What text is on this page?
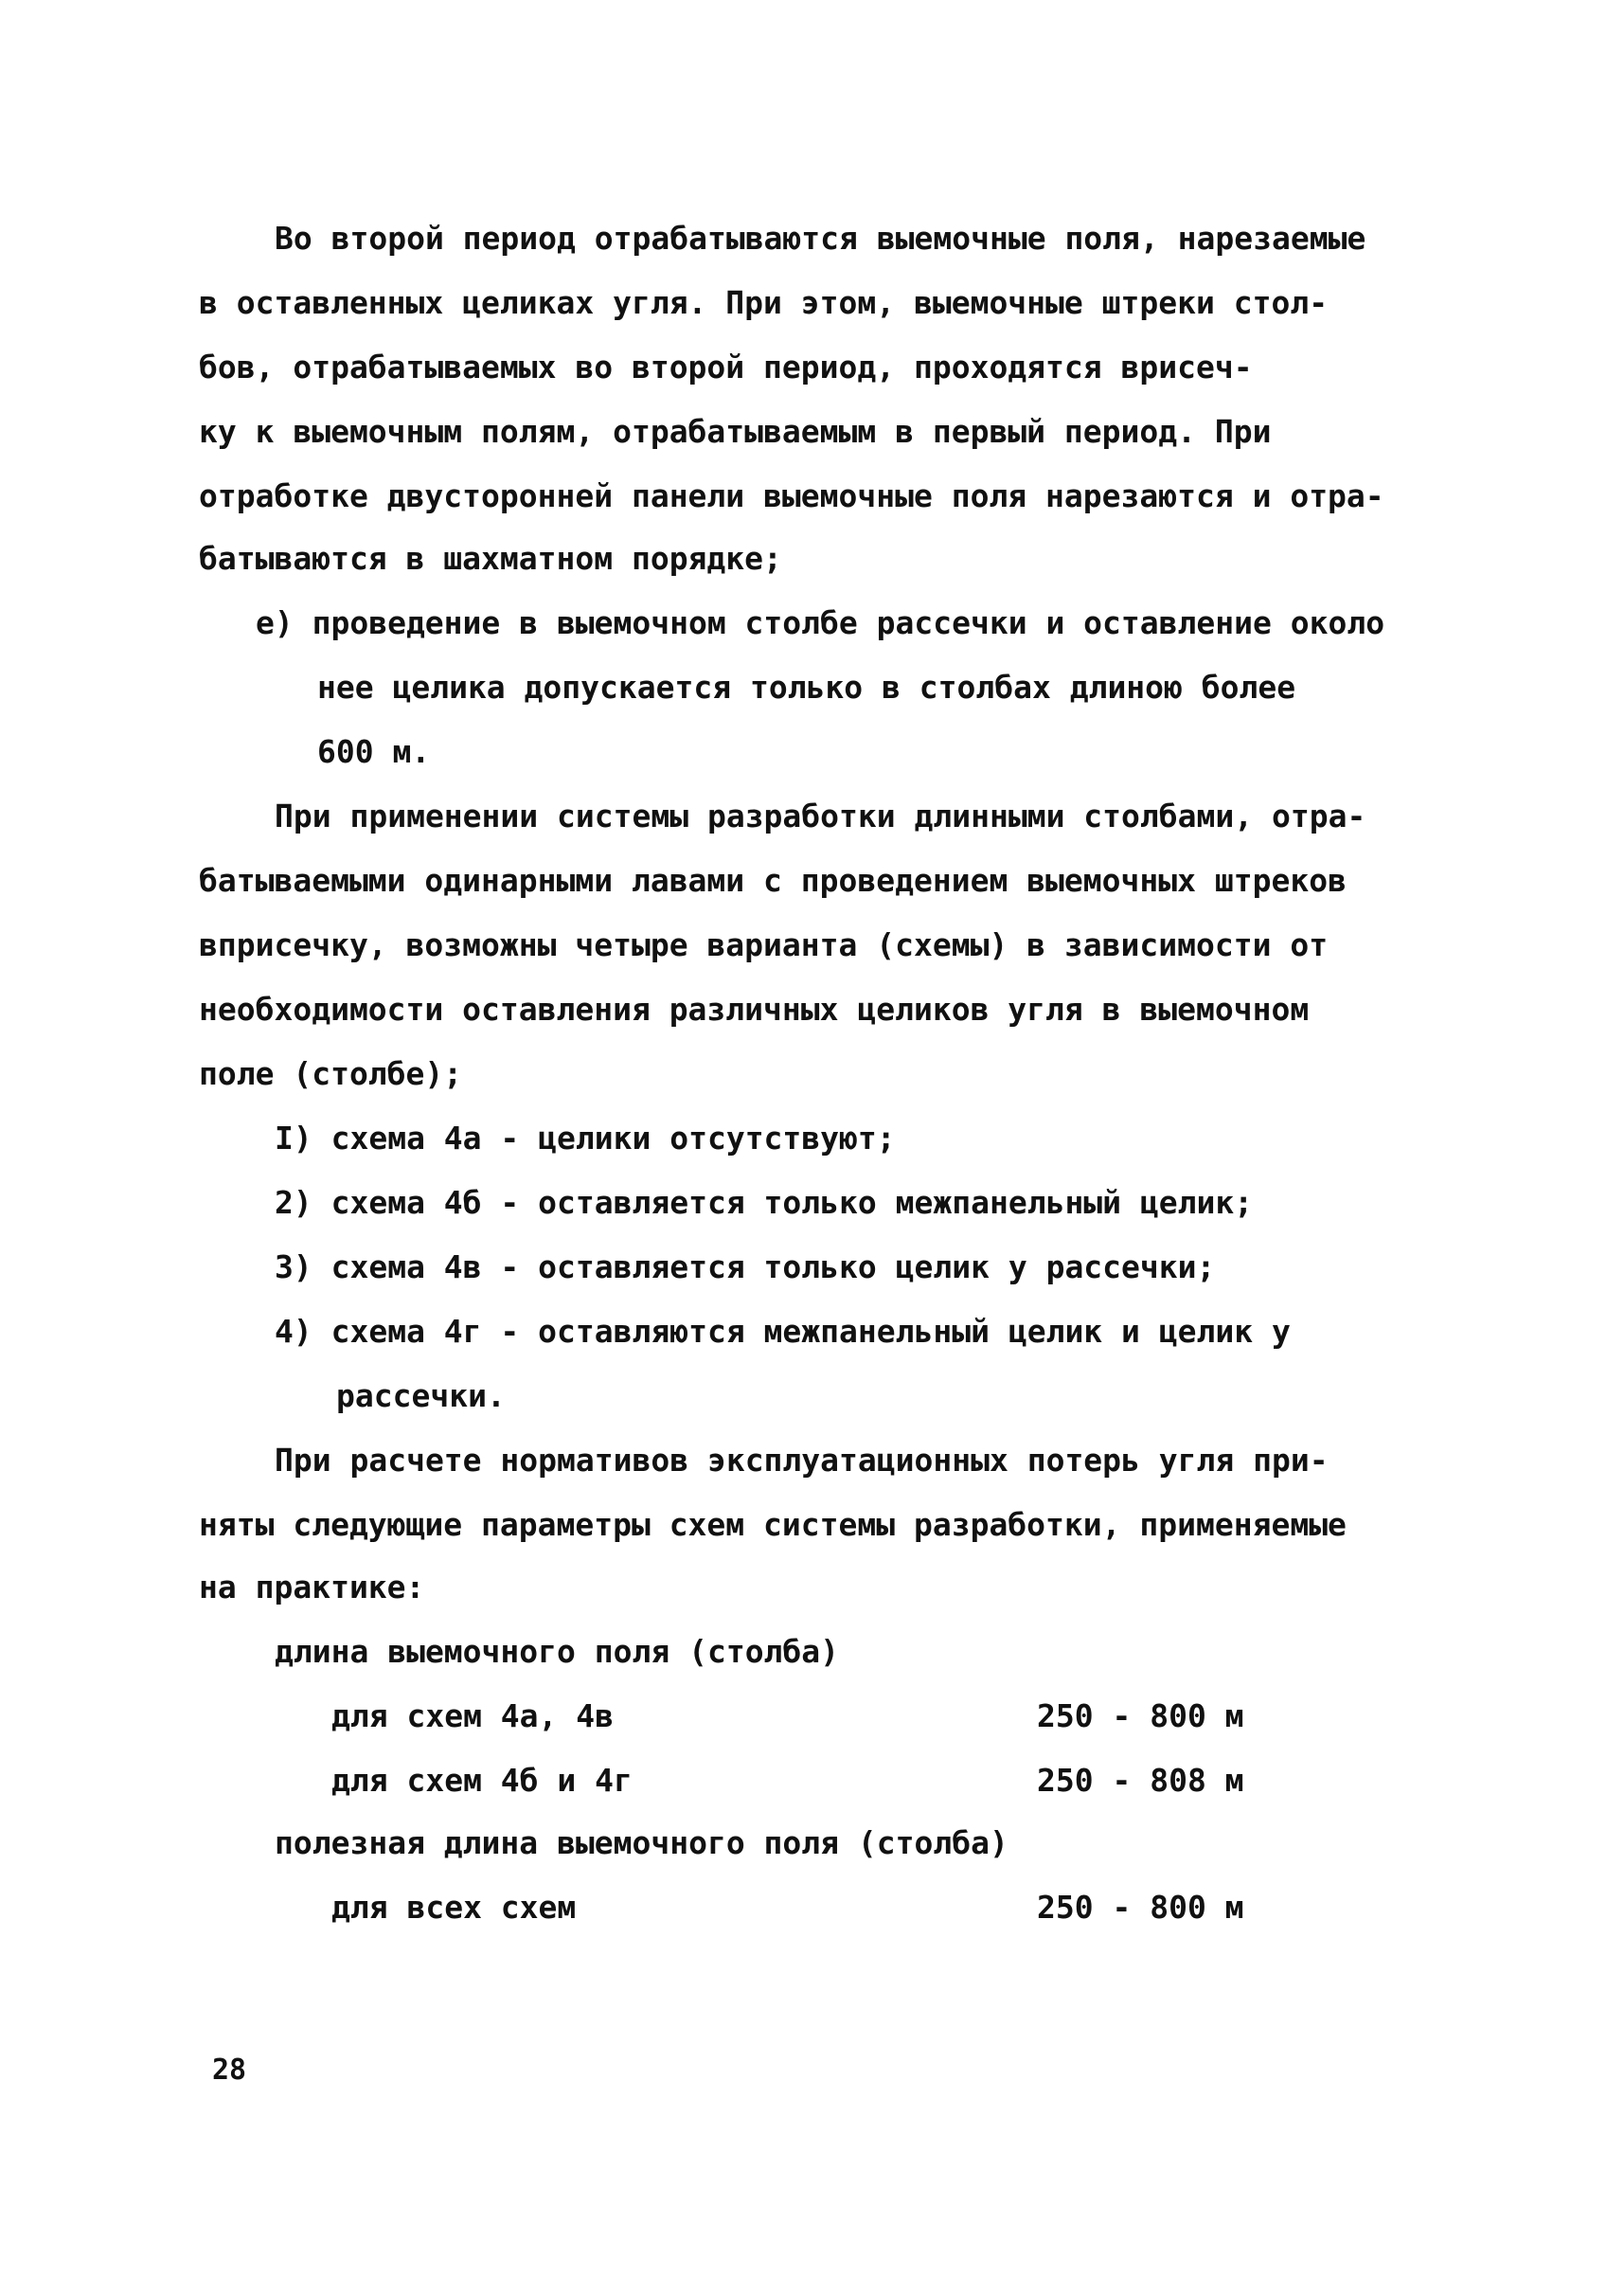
Во второй период отрабатываются выемочные поля, нарезаемые
в оставленных целиках угля. При этом, выемочные штреки стол-
бов, отрабатываемых во второй период, проходятся врисеч-
ку к выемочным полям, отрабатываемым в первый период. При
отработке двусторонней панели выемочные поля нарезаются и отра-
батываются в шахматном порядке;
е) проведение в выемочном столбе рассечки и оставление около
нее целика допускается только в столбах длиною более
600 м.
При применении системы разработки длинными столбами, отра-
батываемыми одинарными лавами с проведением выемочных штреков
вприсечку, возможны четыре варианта (схемы) в зависимости от
необходимости оставления различных целиков угля в выемочном
поле (столбе);
I) схема 4а - целики отсутствуют;
2) схема 4б - оставляется только межпанельный целик;
3) схема 4в - оставляется только целик у рассечки;
4) схема 4г - оставляются межпанельный целик и целик у
рассечки.
При расчете нормативов эксплуатационных потерь угля при-
няты следующие параметры схем системы разработки, применяемые
на практике:
длина выемочного поля (столба)
для схем 4а, 4в	250 - 800 м
для схем 4б и 4г	250 - 808 м
полезная длина выемочного поля (столба)
для всех схем	250 - 800 м
28
